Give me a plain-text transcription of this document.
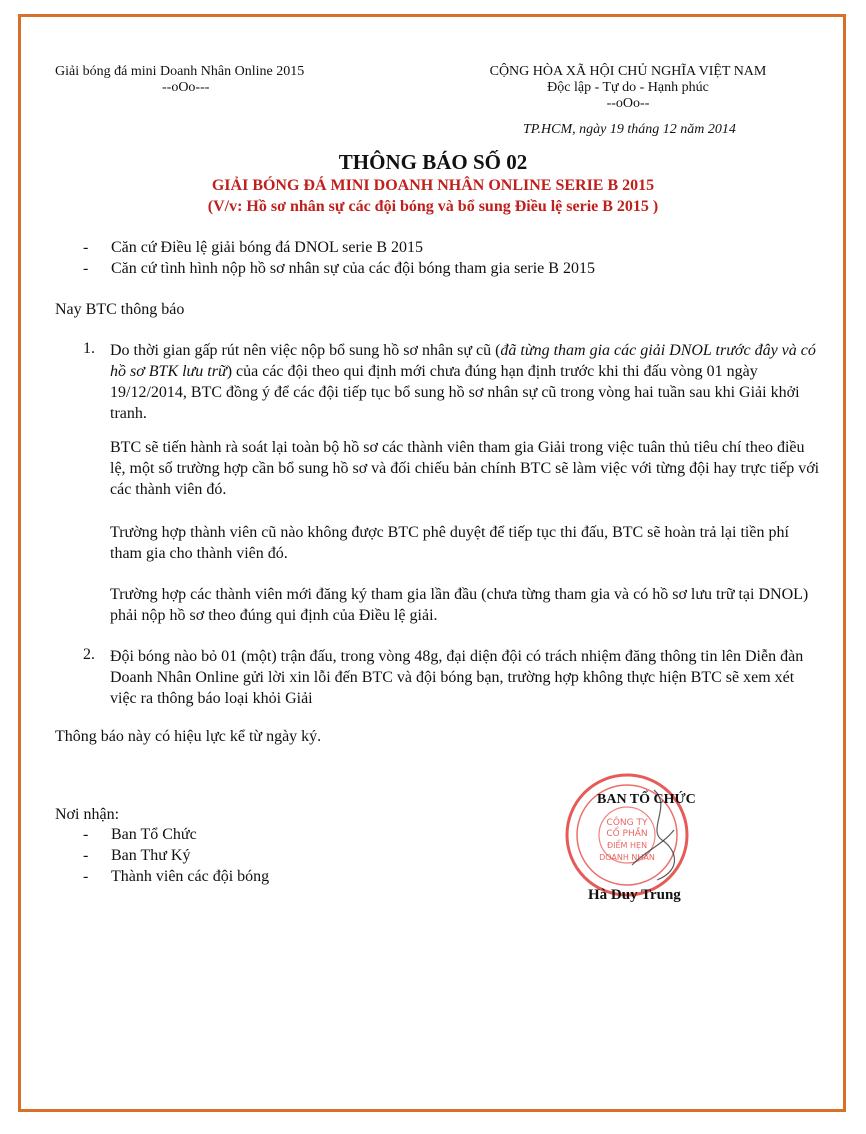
Giải bóng đá mini Doanh Nhân Online 2015
--oOo---
CỘNG HÒA XÃ HỘI CHỦ NGHĨA VIỆT NAM
Độc lập - Tự do - Hạnh phúc
--oOo--
TP.HCM, ngày 19 tháng 12 năm 2014
THÔNG BÁO SỐ 02
GIẢI BÓNG ĐÁ MINI DOANH NHÂN ONLINE SERIE B 2015
(V/v: Hồ sơ nhân sự các đội bóng và bổ sung Điều lệ serie B 2015 )
- Căn cứ Điều lệ giải bóng đá DNOL serie B 2015
- Căn cứ tình hình nộp hồ sơ nhân sự của các đội bóng tham gia serie B 2015
Nay BTC thông báo
1. Do thời gian gấp rút nên việc nộp bổ sung hồ sơ nhân sự cũ (đã từng tham gia các giải DNOL trước đây và có hồ sơ BTK lưu trữ) của các đội theo qui định mới chưa đúng hạn định trước khi thi đấu vòng 01 ngày 19/12/2014, BTC đồng ý để các đội tiếp tục bổ sung hồ sơ nhân sự cũ trong vòng hai tuần sau khi Giải khởi tranh.
BTC sẽ tiến hành rà soát lại toàn bộ hồ sơ các thành viên tham gia Giải trong việc tuân thủ tiêu chí theo điều lệ, một số trường hợp cần bổ sung hồ sơ và đối chiếu bản chính BTC sẽ làm việc với từng đội hay trực tiếp với các thành viên đó.
Trường hợp thành viên cũ nào không được BTC phê duyệt để tiếp tục thi đấu, BTC sẽ hoàn trả lại tiền phí tham gia cho thành viên đó.
Trường hợp các thành viên mới đăng ký tham gia lần đầu (chưa từng tham gia và có hồ sơ lưu trữ tại DNOL) phải nộp hồ sơ theo đúng qui định của Điều lệ giải.
2. Đội bóng nào bỏ 01 (một) trận đấu, trong vòng 48g, đại diện đội có trách nhiệm đăng thông tin lên Diễn đàn Doanh Nhân Online gửi lời xin lỗi đến BTC và đội bóng bạn, trường hợp không thực hiện BTC sẽ xem xét việc ra thông báo loại khỏi Giải
Thông báo này có hiệu lực kể từ ngày ký.
Nơi nhận:
- Ban Tổ Chức
- Ban Thư Ký
- Thành viên các đội bóng
CÔNG TY
CỔ PHẦN
ĐIỂM HẸN
DOANH NHÂN
BAN TỔ CHỨC
Hà Duy Trung
